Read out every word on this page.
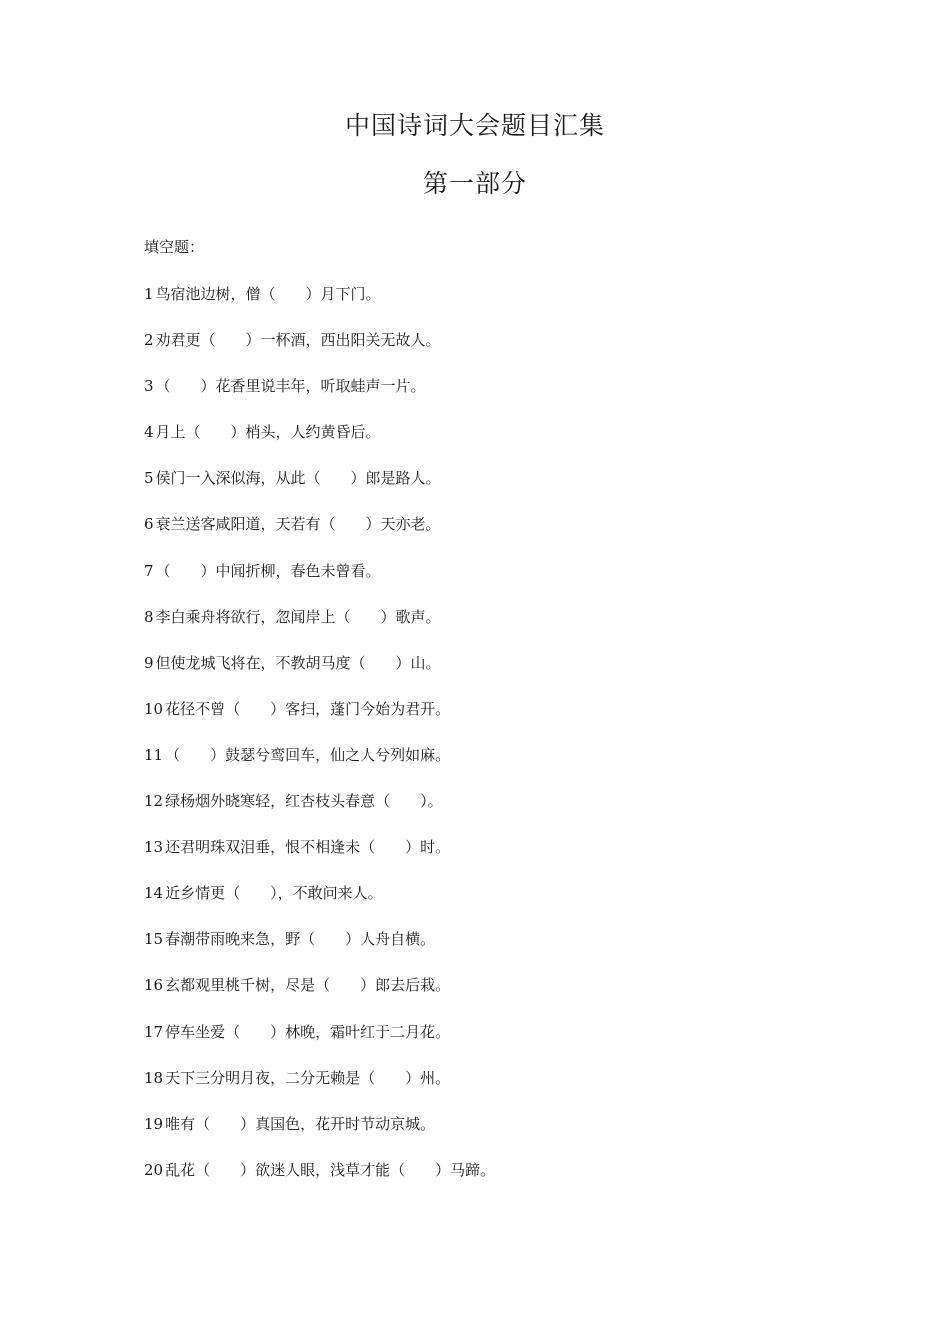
中国诗词大会题目汇集
第一部分
填空题：
1 鸟宿池边树，僧（　　）月下门。
2 劝君更（　　）一杯酒，西出阳关无故人。
3 （　　）花香里说丰年，听取蛙声一片。
4 月上（　　）梢头，人约黄昏后。
5 侯门一入深似海，从此（　　）郎是路人。
6 衰兰送客咸阳道，天若有（　　）天亦老。
7 （　　）中闻折柳，春色未曾看。
8 李白乘舟将欲行，忽闻岸上（　　）歌声。
9 但使龙城飞将在，不教胡马度（　　）山。
10 花径不曾（　　）客扫，蓬门今始为君开。
11 （　　）鼓瑟兮鸾回车，仙之人兮列如麻。
12 绿杨烟外晓寒轻，红杏枝头春意（　　）。
13 还君明珠双泪垂，恨不相逢未（　　）时。
14 近乡情更（　　），不敢问来人。
15 春潮带雨晚来急，野（　　）人舟自横。
16 玄都观里桃千树，尽是（　　）郎去后栽。
17 停车坐爱（　　）林晚，霜叶红于二月花。
18 天下三分明月夜，二分无赖是（　　）州。
19 唯有（　　）真国色，花开时节动京城。
20 乱花（　　）欲迷人眼，浅草才能（　　）马蹄。
